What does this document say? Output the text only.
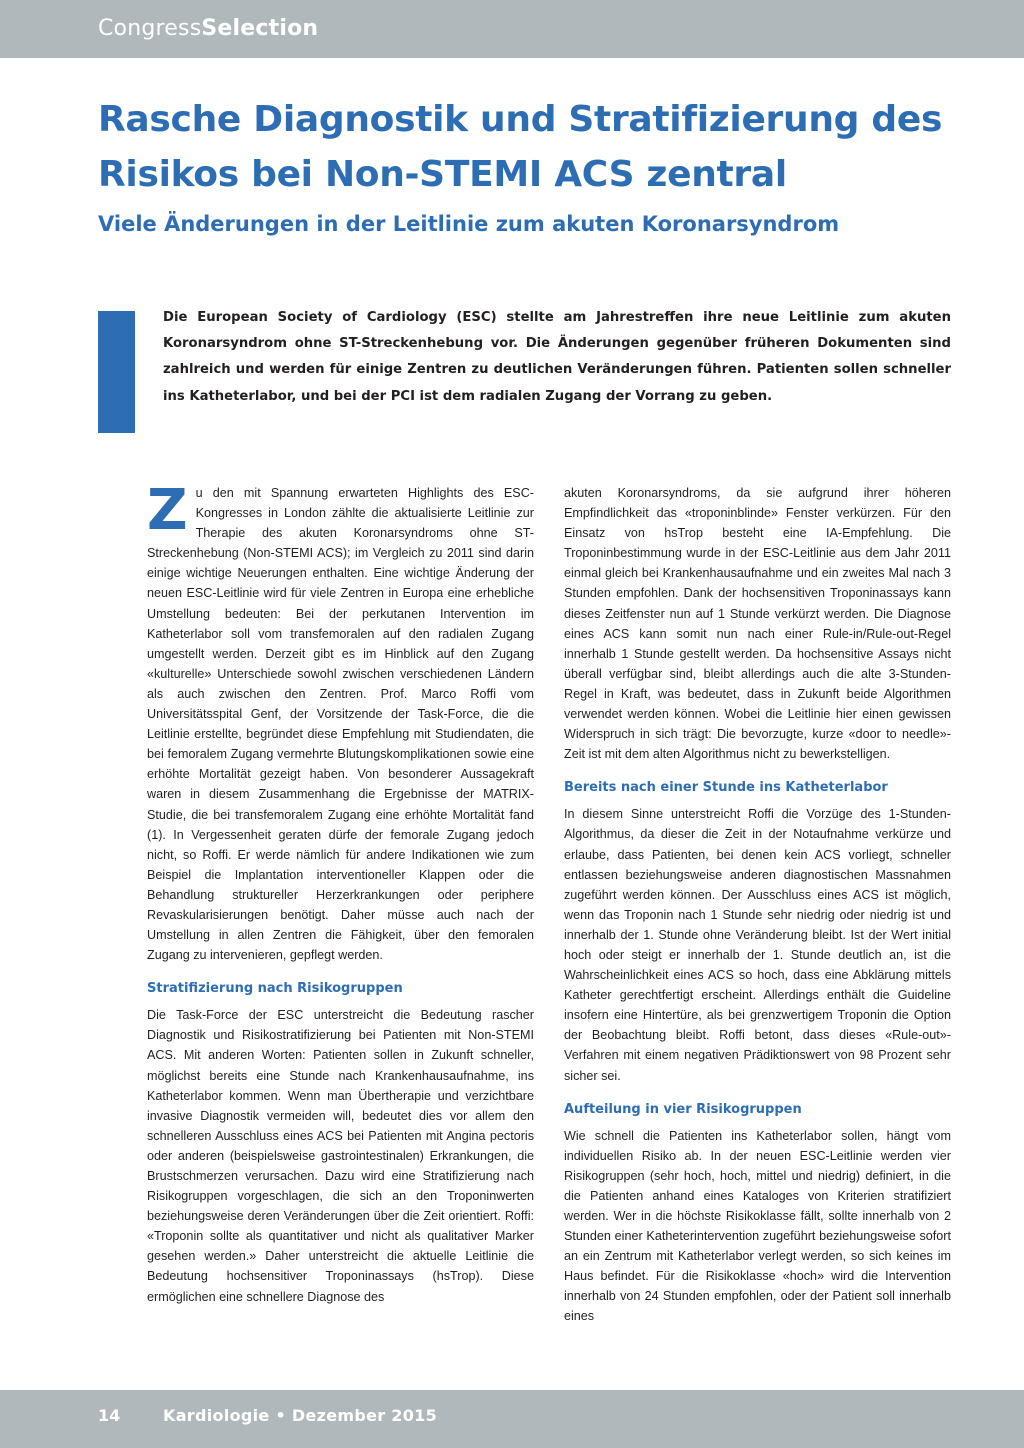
CongressSelection
Rasche Diagnostik und Stratifizierung des Risikos bei Non-STEMI ACS zentral
Viele Änderungen in der Leitlinie zum akuten Koronarsyndrom

Die European Society of Cardiology (ESC) stellte am Jahrestreffen ihre neue Leitlinie zum akuten Koronarsyndrom ohne ST-Streckenhebung vor. Die Änderungen gegenüber früheren Dokumenten sind zahlreich und werden für einige Zentren zu deutlichen Veränderungen führen. Patienten sollen schneller ins Katheterlabor, und bei der PCI ist dem radialen Zugang der Vorrang zu geben.

Zu den mit Spannung erwarteten Highlights des ESC-Kongresses in London zählte die aktualisierte Leitlinie zur Therapie des akuten Koronarsyndroms ohne ST-Streckenhebung (Non-STEMI ACS); im Vergleich zu 2011 sind darin einige wichtige Neuerungen enthalten. Eine wichtige Änderung der neuen ESC-Leitlinie wird für viele Zentren in Europa eine erhebliche Umstellung bedeuten: Bei der perkutanen Intervention im Katheterlabor soll vom transfemoralen auf den radialen Zugang umgestellt werden. Derzeit gibt es im Hinblick auf den Zugang «kulturelle» Unterschiede sowohl zwischen verschiedenen Ländern als auch zwischen den Zentren. Prof. Marco Roffi vom Universitätsspital Genf, der Vorsitzende der Task-Force, die die Leitlinie erstellte, begründet diese Empfehlung mit Studiendaten, die bei femoralem Zugang vermehrte Blutungskomplikationen sowie eine erhöhte Mortalität gezeigt haben. Von besonderer Aussagekraft waren in diesem Zusammenhang die Ergebnisse der MATRIX-Studie, die bei transfemoralem Zugang eine erhöhte Mortalität fand (1). In Vergessenheit geraten dürfe der femorale Zugang jedoch nicht, so Roffi. Er werde nämlich für andere Indikationen wie zum Beispiel die Implantation interventioneller Klappen oder die Behandlung struktureller Herzerkrankungen oder periphere Revaskularisierungen benötigt. Daher müsse auch nach der Umstellung in allen Zentren die Fähigkeit, über den femoralen Zugang zu intervenieren, gepflegt werden.

Stratifizierung nach Risikogruppen

Die Task-Force der ESC unterstreicht die Bedeutung rascher Diagnostik und Risikostratifizierung bei Patienten mit Non-STEMI ACS. Mit anderen Worten: Patienten sollen in Zukunft schneller, möglichst bereits eine Stunde nach Krankenhausaufnahme, ins Katheterlabor kommen. Wenn man Übertherapie und verzichtbare invasive Diagnostik vermeiden will, bedeutet dies vor allem den schnelleren Ausschluss eines ACS bei Patienten mit Angina pectoris oder anderen (beispielsweise gastrointestinalen) Erkrankungen, die Brustschmerzen verursachen. Dazu wird eine Stratifizierung nach Risikogruppen vorgeschlagen, die sich an den Troponinwerten beziehungsweise deren Veränderungen über die Zeit orientiert. Roffi: «Troponin sollte als quantitativer und nicht als qualitativer Marker gesehen werden.» Daher unterstreicht die aktuelle Leitlinie die Bedeutung hochsensitiver Troponinassays (hsTrop). Diese ermöglichen eine schnellere Diagnose des

akuten Koronarsyndroms, da sie aufgrund ihrer höheren Empfindlichkeit das «troponinblinde» Fenster verkürzen. Für den Einsatz von hsTrop besteht eine IA-Empfehlung. Die Troponinbestimmung wurde in der ESC-Leitlinie aus dem Jahr 2011 einmal gleich bei Krankenhausaufnahme und ein zweites Mal nach 3 Stunden empfohlen. Dank der hochsensitiven Troponinassays kann dieses Zeitfenster nun auf 1 Stunde verkürzt werden. Die Diagnose eines ACS kann somit nun nach einer Rule-in/Rule-out-Regel innerhalb 1 Stunde gestellt werden. Da hochsensitive Assays nicht überall verfügbar sind, bleibt allerdings auch die alte 3-Stunden-Regel in Kraft, was bedeutet, dass in Zukunft beide Algorithmen verwendet werden können. Wobei die Leitlinie hier einen gewissen Widerspruch in sich trägt: Die bevorzugte, kurze «door to needle»-Zeit ist mit dem alten Algorithmus nicht zu bewerkstelligen.

Bereits nach einer Stunde ins Katheterlabor

In diesem Sinne unterstreicht Roffi die Vorzüge des 1-Stunden-Algorithmus, da dieser die Zeit in der Notaufnahme verkürze und erlaube, dass Patienten, bei denen kein ACS vorliegt, schneller entlassen beziehungsweise anderen diagnostischen Massnahmen zugeführt werden können. Der Ausschluss eines ACS ist möglich, wenn das Troponin nach 1 Stunde sehr niedrig oder niedrig ist und innerhalb der 1. Stunde ohne Veränderung bleibt. Ist der Wert initial hoch oder steigt er innerhalb der 1. Stunde deutlich an, ist die Wahrscheinlichkeit eines ACS so hoch, dass eine Abklärung mittels Katheter gerechtfertigt erscheint. Allerdings enthält die Guideline insofern eine Hintertüre, als bei grenzwertigem Troponin die Option der Beobachtung bleibt. Roffi betont, dass dieses «Rule-out»-Verfahren mit einem negativen Prädiktionswert von 98 Prozent sehr sicher sei.

Aufteilung in vier Risikogruppen

Wie schnell die Patienten ins Katheterlabor sollen, hängt vom individuellen Risiko ab. In der neuen ESC-Leitlinie werden vier Risikogruppen (sehr hoch, hoch, mittel und niedrig) definiert, in die die Patienten anhand eines Kataloges von Kriterien stratifiziert werden. Wer in die höchste Risikoklasse fällt, sollte innerhalb von 2 Stunden einer Katheterintervention zugeführt beziehungsweise sofort an ein Zentrum mit Katheterlabor verlegt werden, so sich keines im Haus befindet. Für die Risikoklasse «hoch» wird die Intervention innerhalb von 24 Stunden empfohlen, oder der Patient soll innerhalb eines

14	Kardiologie • Dezember 2015
